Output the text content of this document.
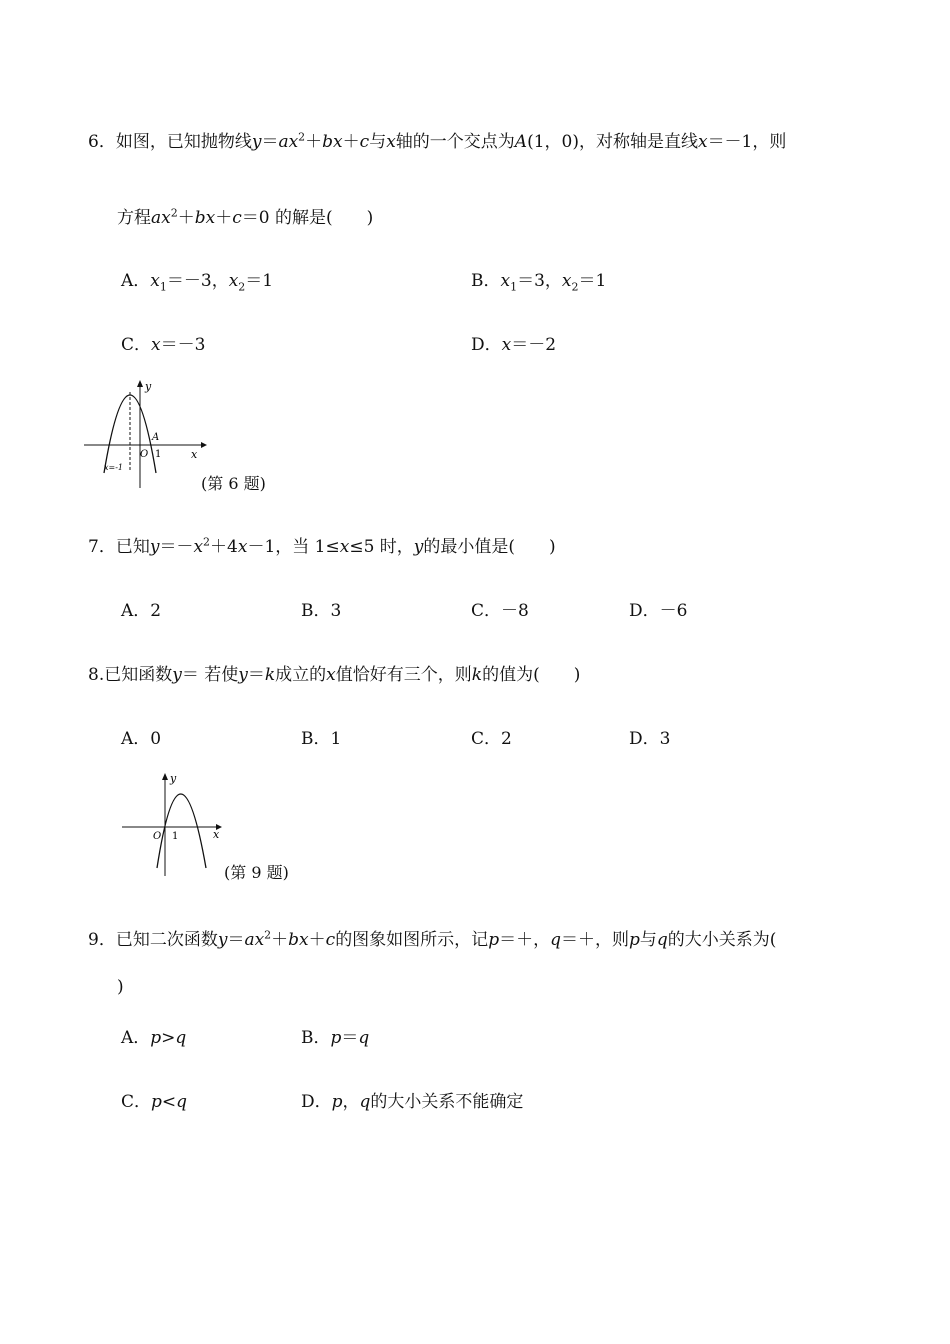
6．如图，已知抛物线$y=ax^2+bx+c$与x轴的一个交点为A(1，0)，对称轴是直线x＝－1，则
方程$ax^2+bx+c=0$ 的解是(　　)
A．$x_1=-3$，$x_2=1$	B．$x_1=3$，$x_2=1$
C．x＝－3	D．x＝－2
y
x
A
O 1
x=-1
(第 6 题)
7．已知$y=-x^2+4x-1$，当 1≤x≤5 时，y的最小值是(　　)
A．2	B．3	C．－8	D．－6
8.已知函数y＝ 若使y＝k成立的x值恰好有三个，则k的值为(　　)
A．0	B．1	C．2	D．3
y
x
O 1
(第 9 题)
9．已知二次函数$y=ax^2+bx+c$的图象如图所示，记p＝＋，q＝＋，则p与q的大小关系为(
)
A．p>q	B．p＝q
C．p<q	D．p，q的大小关系不能确定
